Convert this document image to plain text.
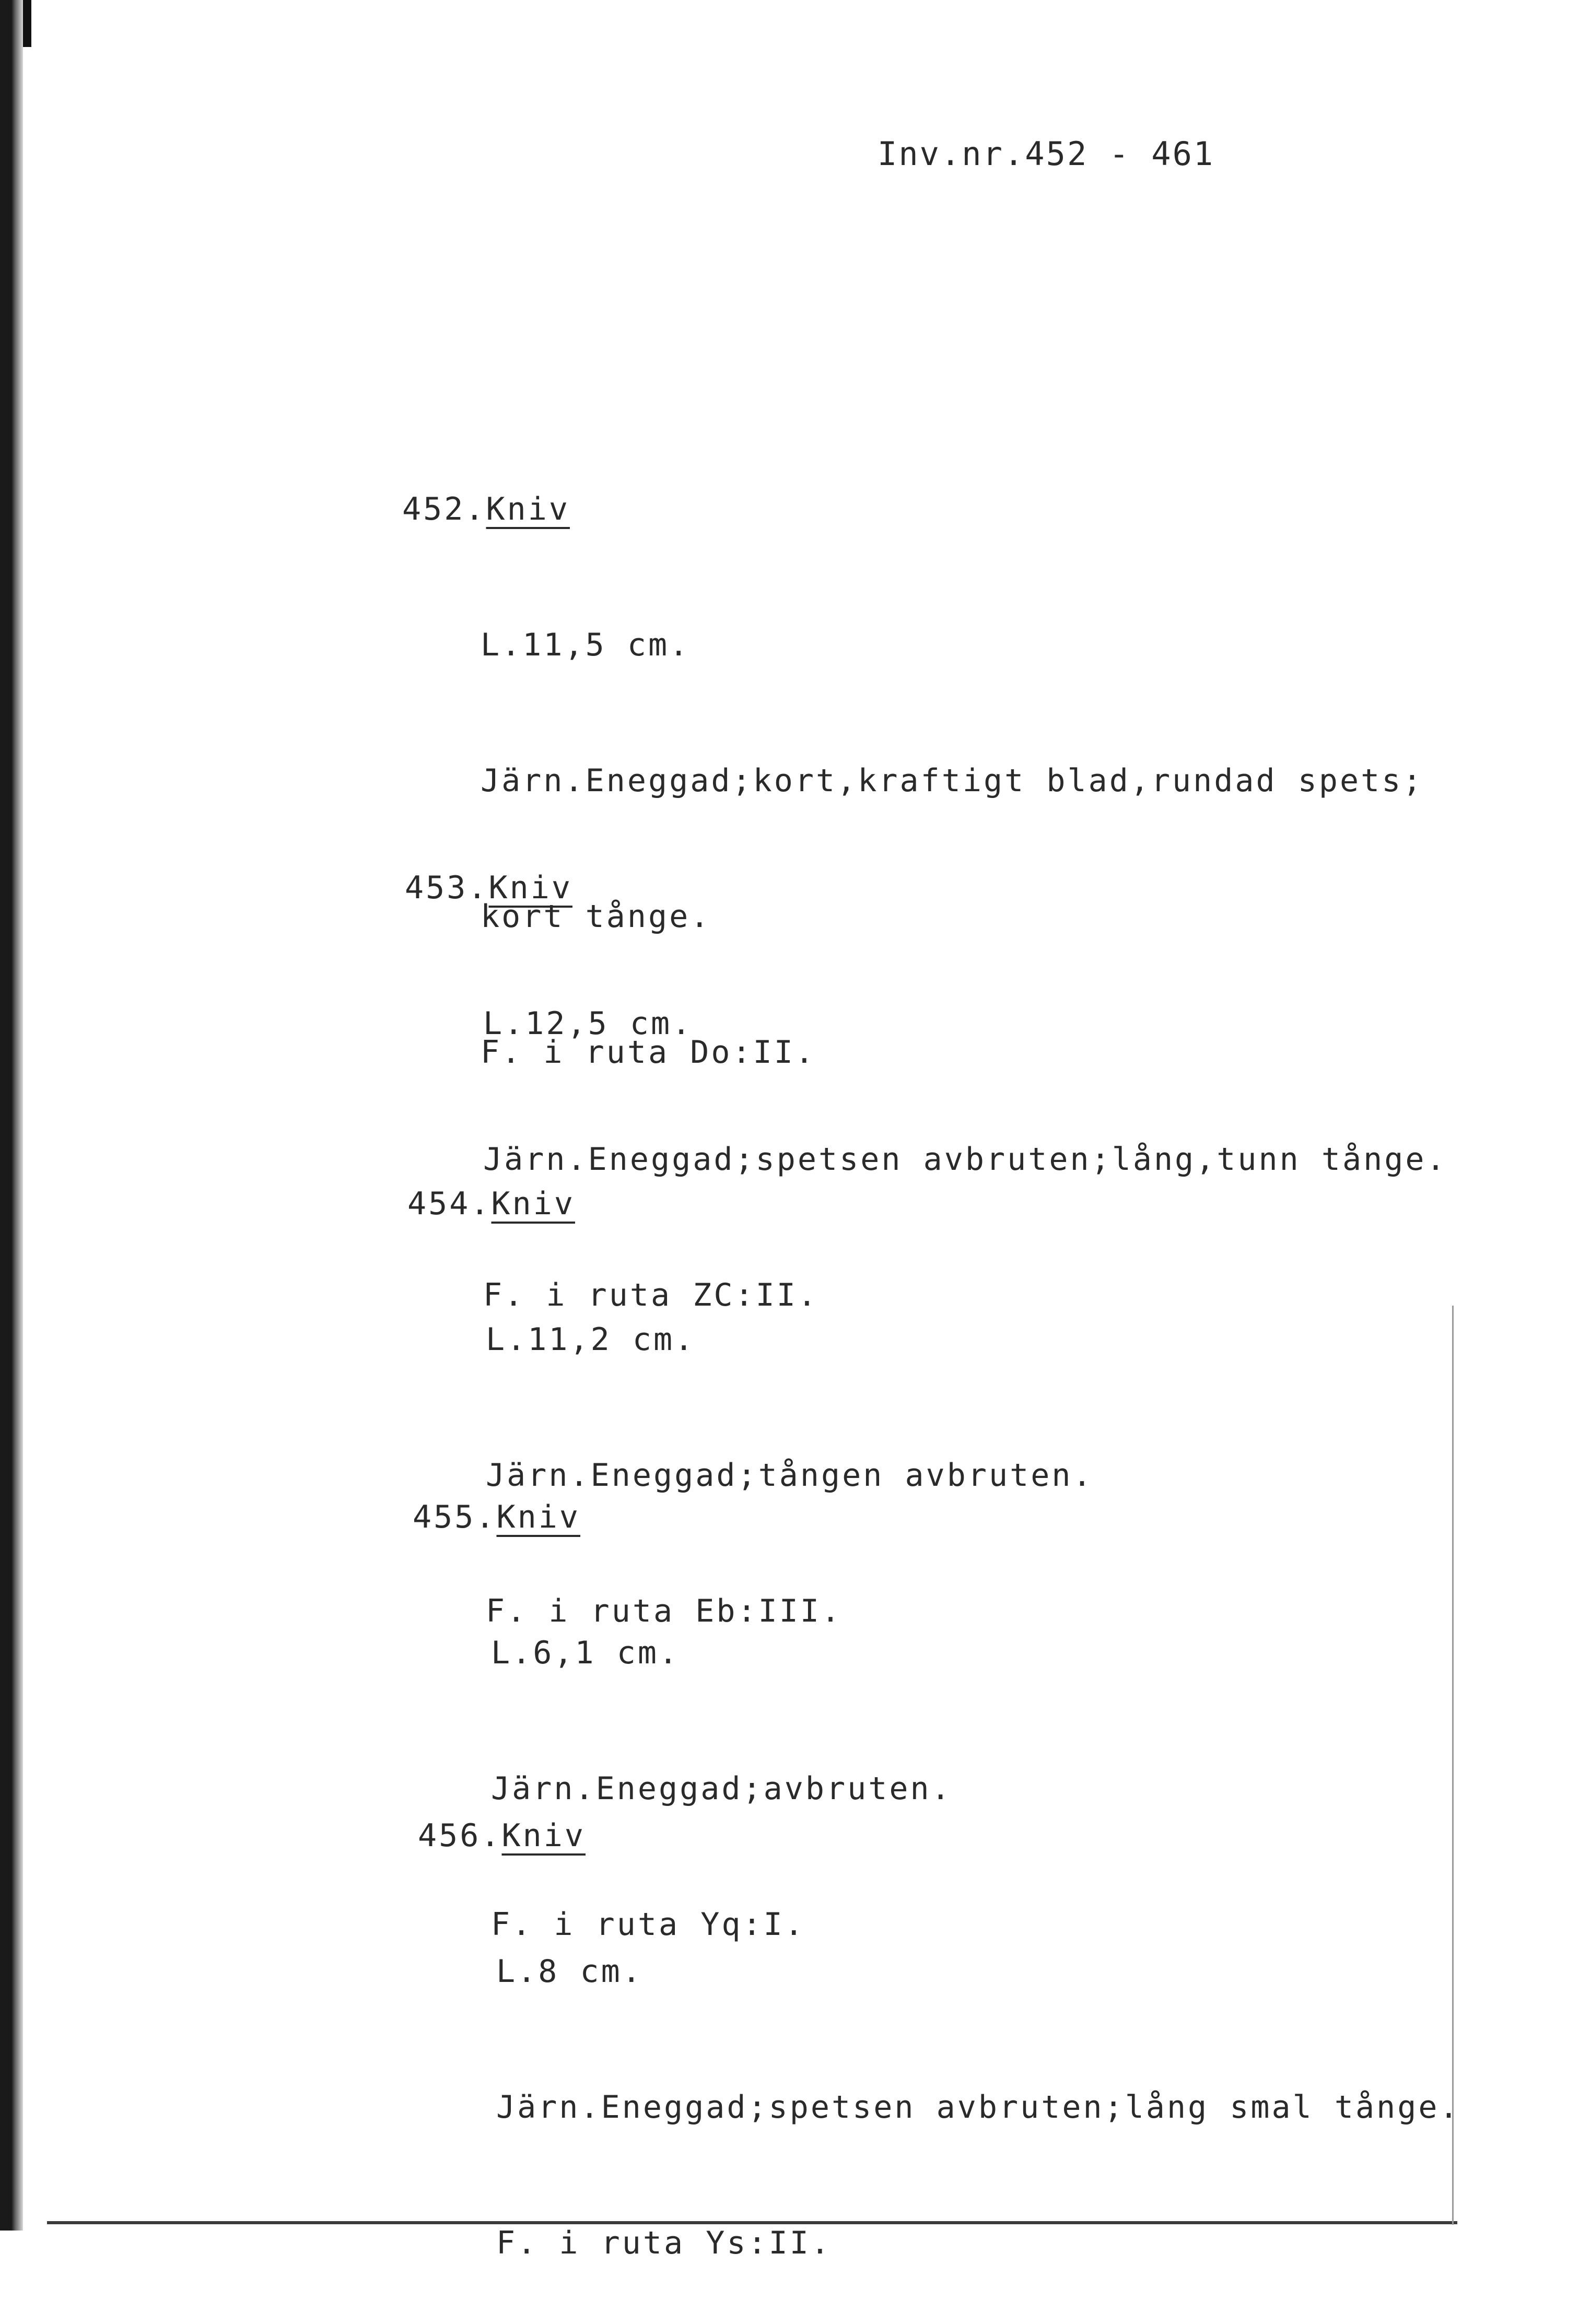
Inv.nr.452 - 461

452.Kniv

L.11,5 cm.

Järn.Eneggad;kort,kraftigt blad,rundad spets;

kort tånge.

F. i ruta Do:II.

453.Kniv

L.12,5 cm.

Järn.Eneggad;spetsen avbruten;lång,tunn tånge.

F. i ruta ZC:II.

454.Kniv

L.11,2 cm.

Järn.Eneggad;tången avbruten.

F. i ruta Eb:III.

455.Kniv

L.6,1 cm.

Järn.Eneggad;avbruten.

F. i ruta Yq:I.

456.Kniv

L.8 cm.

Järn.Eneggad;spetsen avbruten;lång smal tånge.

F. i ruta Ys:II.
